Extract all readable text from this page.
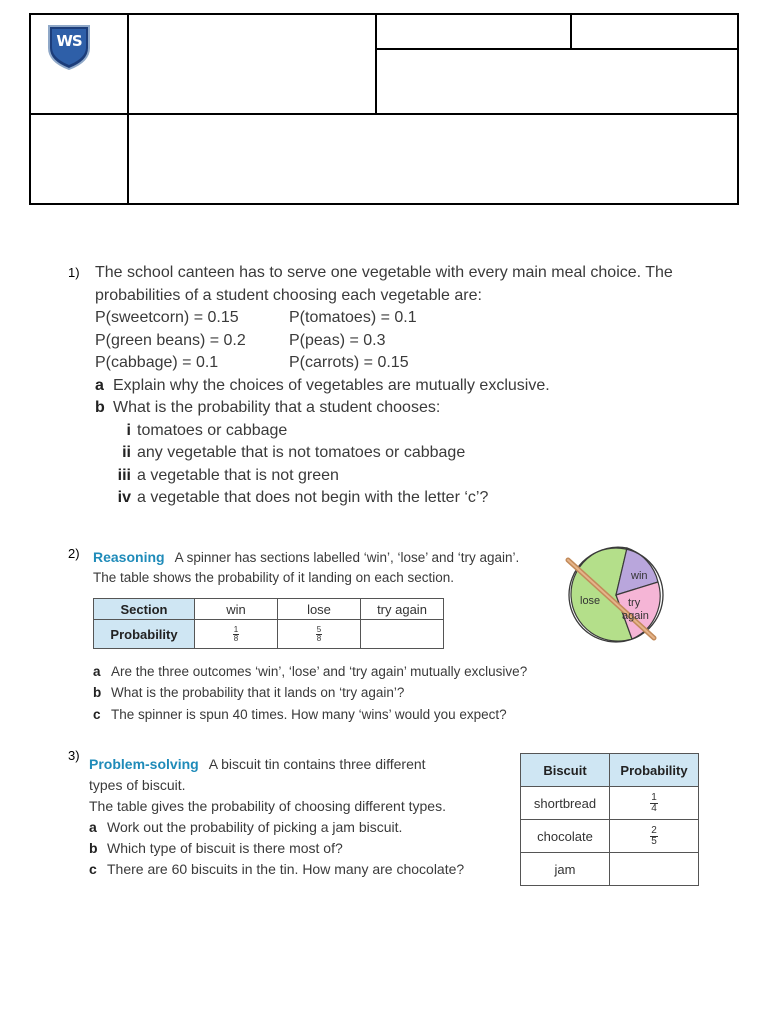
WS

1) The school canteen has to serve one vegetable with every main meal choice. The
probabilities of a student choosing each vegetable are:
P(sweetcorn) = 0.15	P(tomatoes) = 0.1
P(green beans) = 0.2	P(peas) = 0.3
P(cabbage) = 0.1	P(carrots) = 0.15
a Explain why the choices of vegetables are mutually exclusive.
b What is the probability that a student chooses:
i tomatoes or cabbage
ii any vegetable that is not tomatoes or cabbage
iii a vegetable that is not green
iv a vegetable that does not begin with the letter ‘c’?
2) Reasoning A spinner has sections labelled ‘win’, ‘lose’ and ‘try again’.
The table shows the probability of it landing on each section.
Section	win	lose	try again
Probability	$\frac{1}{8}$	$\frac{5}{8}$

lose
win
try
again
a Are the three outcomes ‘win’, ‘lose’ and ‘try again’ mutually exclusive?
b What is the probability that it lands on ‘try again’?
c The spinner is spun 40 times. How many ‘wins’ would you expect?
3)
Problem-solving A biscuit tin contains three different
types of biscuit.
The table gives the probability of choosing different types.
a Work out the probability of picking a jam biscuit.
b Which type of biscuit is there most of?
c There are 60 biscuits in the tin. How many are chocolate?
Biscuit	Probability
shortbread	$\frac{1}{4}$

chocolate	$\frac{2}{5}$

jam	
